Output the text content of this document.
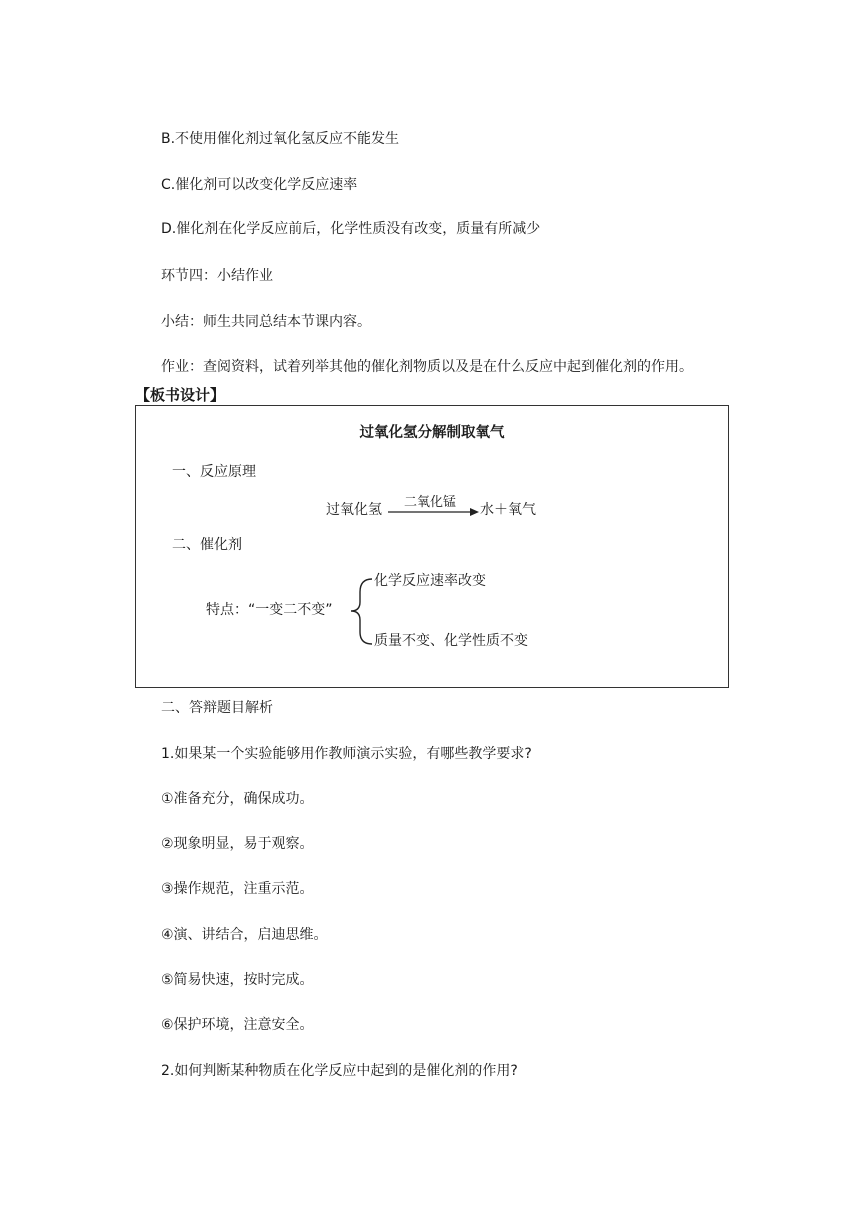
B.不使用催化剂过氧化氢反应不能发生
C.催化剂可以改变化学反应速率
D.催化剂在化学反应前后，化学性质没有改变，质量有所减少
环节四：小结作业
小结：师生共同总结本节课内容。
作业：查阅资料，试着列举其他的催化剂物质以及是在什么反应中起到催化剂的作用。
【板书设计】
过氧化氢分解制取氧气
一、反应原理
过氧化氢 二氧化锰 水＋氧气
二、催化剂
特点：“一变二不变”
化学反应速率改变
质量不变、化学性质不变
二、答辩题目解析
1.如果某一个实验能够用作教师演示实验，有哪些教学要求?
①准备充分，确保成功。
②现象明显，易于观察。
③操作规范，注重示范。
④演、讲结合，启迪思维。
⑤简易快速，按时完成。
⑥保护环境，注意安全。
2.如何判断某种物质在化学反应中起到的是催化剂的作用?
